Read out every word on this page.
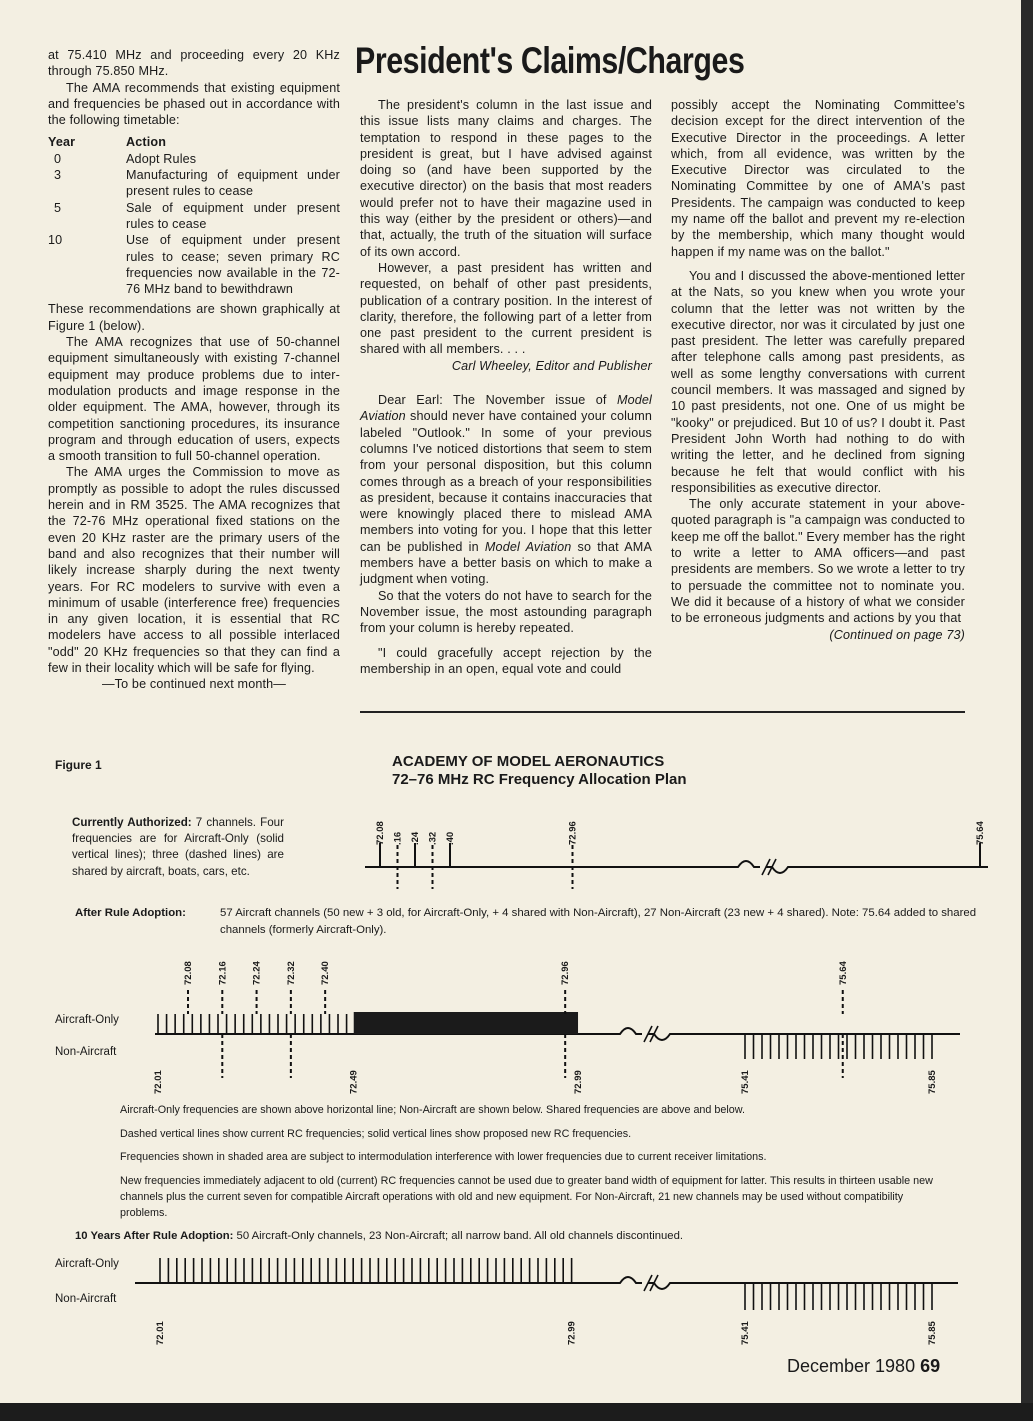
at 75.410 MHz and proceeding every 20 KHz through 75.850 MHz.

The AMA recommends that existing equipment and frequencies be phased out in accordance with the following timetable:

Year	Action
0	Adopt Rules
3	Manufacturing of equipment under present rules to cease
5	Sale of equipment under present rules to cease
10	Use of equipment under present rules to cease; seven primary RC frequencies now available in the 72-76 MHz band to bewithdrawn

These recommendations are shown graphically at Figure 1 (below).

The AMA recognizes that use of 50-channel equipment simultaneously with existing 7-channel equipment may produce problems due to inter-modulation products and image response in the older equipment. The AMA, however, through its competition sanctioning procedures, its insurance program and through education of users, expects a smooth transition to full 50-channel operation.

The AMA urges the Commission to move as promptly as possible to adopt the rules discussed herein and in RM 3525. The AMA recognizes that the 72-76 MHz operational fixed stations on the even 20 KHz raster are the primary users of the band and also recognizes that their number will likely increase sharply during the next twenty years. For RC modelers to survive with even a minimum of usable (interference free) frequencies in any given location, it is essential that RC modelers have access to all possible interlaced "odd" 20 KHz frequencies so that they can find a few in their locality which will be safe for flying.

—To be continued next month—

President's Claims/Charges

The president's column in the last issue and this issue lists many claims and charges. The temptation to respond in these pages to the president is great, but I have advised against doing so (and have been supported by the executive director) on the basis that most readers would prefer not to have their magazine used in this way (either by the president or others)—and that, actually, the truth of the situation will surface of its own accord.

However, a past president has written and requested, on behalf of other past presidents, publication of a contrary position. In the interest of clarity, therefore, the following part of a letter from one past president to the current president is shared with all members. . . .

Carl Wheeley, Editor and Publisher

Dear Earl: The November issue of Model Aviation should never have contained your column labeled "Outlook." In some of your previous columns I've noticed distortions that seem to stem from your personal disposition, but this column comes through as a breach of your responsibilities as president, because it contains inaccuracies that were knowingly placed there to mislead AMA members into voting for you. I hope that this letter can be published in Model Aviation so that AMA members have a better basis on which to make a judgment when voting.

So that the voters do not have to search for the November issue, the most astounding paragraph from your column is hereby repeated.

"I could gracefully accept rejection by the membership in an open, equal vote and could

possibly accept the Nominating Committee's decision except for the direct intervention of the Executive Director in the proceedings. A letter which, from all evidence, was written by the Executive Director was circulated to the Nominating Committee by one of AMA's past Presidents. The campaign was conducted to keep my name off the ballot and prevent my re-election by the membership, which many thought would happen if my name was on the ballot."

You and I discussed the above-mentioned letter at the Nats, so you knew when you wrote your column that the letter was not written by the executive director, nor was it circulated by just one past president. The letter was carefully prepared after telephone calls among past presidents, as well as some lengthy conversations with current council members. It was massaged and signed by 10 past presidents, not one. One of us might be "kooky" or prejudiced. But 10 of us? I doubt it. Past President John Worth had nothing to do with writing the letter, and he declined from signing because he felt that would conflict with his responsibilities as executive director.

The only accurate statement in your above-quoted paragraph is "a campaign was conducted to keep me off the ballot." Every member has the right to write a letter to AMA officers—and past presidents are members. So we wrote a letter to try to persuade the committee not to nominate you. We did it because of a history of what we consider to be erroneous judgments and actions by you that

(Continued on page 73)
Figure 1	ACADEMY OF MODEL AERONAUTICS
72–76 MHz RC Frequency Allocation Plan
Currently Authorized: 7 channels. Four frequencies are for Aircraft-Only (solid vertical lines); three (dashed lines) are shared by aircraft, boats, cars, etc.
After Rule Adoption:	57 Aircraft channels (50 new + 3 old, for Aircraft-Only, + 4 shared with Non-Aircraft), 27 Non-Aircraft (23 new + 4 shared). Note: 75.64 added to shared channels (formerly Aircraft-Only).
Aircraft-Only
Non-Aircraft

Aircraft-Only frequencies are shown above horizontal line; Non-Aircraft are shown below. Shared frequencies are above and below.

Dashed vertical lines show current RC frequencies; solid vertical lines show proposed new RC frequencies.

Frequencies shown in shaded area are subject to intermodulation interference with lower frequencies due to current receiver limitations.

New frequencies immediately adjacent to old (current) RC frequencies cannot be used due to greater band width of equipment for latter. This results in thirteen usable new channels plus the current seven for compatible Aircraft operations with old and new equipment. For Non-Aircraft, 21 new channels may be used without compatibility problems.

10 Years After Rule Adoption: 50 Aircraft-Only channels, 23 Non-Aircraft; all narrow band. All old channels discontinued.
Aircraft-Only
Non-Aircraft
72.08 .16 .24 .32 .40	72.96	75.64
72.08 72.16 72.24 72.32 72.40	72.96	75.64
72.01	72.49	72.99	75.41	75.85
72.01	72.99	75.41	75.85
December 1980 69
